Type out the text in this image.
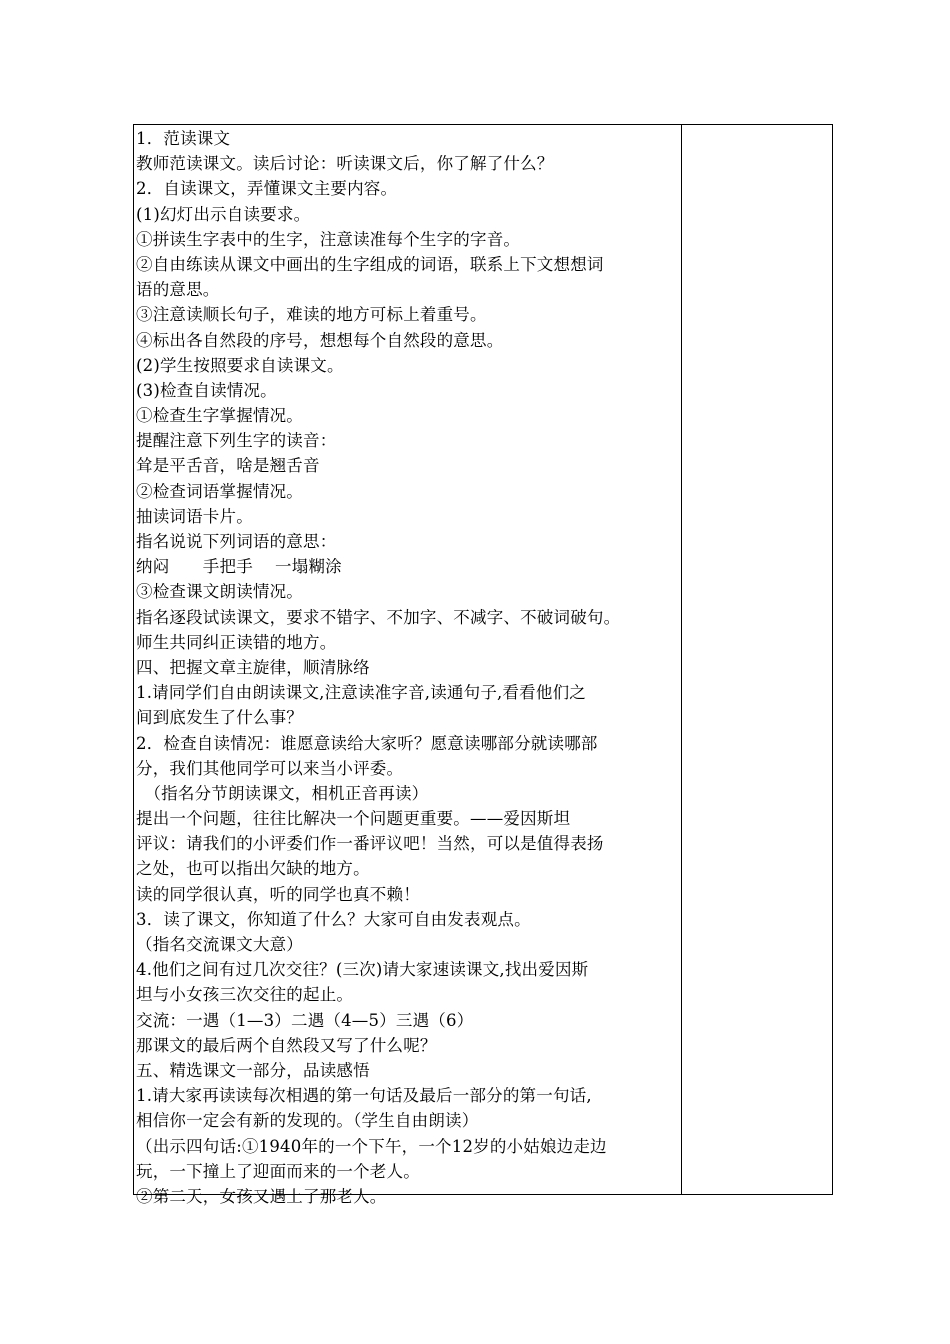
1．范读课文
教师范读课文。读后讨论：听读课文后，你了解了什么？
2．自读课文，弄懂课文主要内容。
(1)幻灯出示自读要求。
①拼读生字表中的生字，注意读准每个生字的字音。
②自由练读从课文中画出的生字组成的词语，联系上下文想想词
语的意思。
③注意读顺长句子，难读的地方可标上着重号。
④标出各自然段的序号，想想每个自然段的意思。
(2)学生按照要求自读课文。
(3)检查自读情况。
①检查生字掌握情况。
提醒注意下列生字的读音：
耸是平舌音，啥是翘舌音
②检查词语掌握情况。
抽读词语卡片。
指名说说下列词语的意思：
纳闷　　手把手　 一塌糊涂
③检查课文朗读情况。
指名逐段试读课文，要求不错字、不加字、不减字、不破词破句。
师生共同纠正读错的地方。
四、把握文章主旋律，顺清脉络
1.请同学们自由朗读课文,注意读准字音,读通句子,看看他们之
间到底发生了什么事？
2．检查自读情况：谁愿意读给大家听？愿意读哪部分就读哪部
分，我们其他同学可以来当小评委。
　（指名分节朗读课文，相机正音再读）
提出一个问题，往往比解决一个问题更重要。——爱因斯坦
评议：请我们的小评委们作一番评议吧！当然，可以是值得表扬
之处，也可以指出欠缺的地方。
读的同学很认真，听的同学也真不赖！
3．读了课文，你知道了什么？大家可自由发表观点。
（指名交流课文大意）
4.他们之间有过几次交往？(三次)请大家速读课文,找出爱因斯
坦与小女孩三次交往的起止。
交流：一遇（1—3）二遇（4—5）三遇（6）
那课文的最后两个自然段又写了什么呢？
五、精选课文一部分，品读感悟
1.请大家再读读每次相遇的第一句话及最后一部分的第一句话,
相信你一定会有新的发现的。（学生自由朗读）
（出示四句话:①1940年的一个下午，一个12岁的小姑娘边走边
玩，一下撞上了迎面而来的一个老人。
②第二天，女孩又遇上了那老人。
